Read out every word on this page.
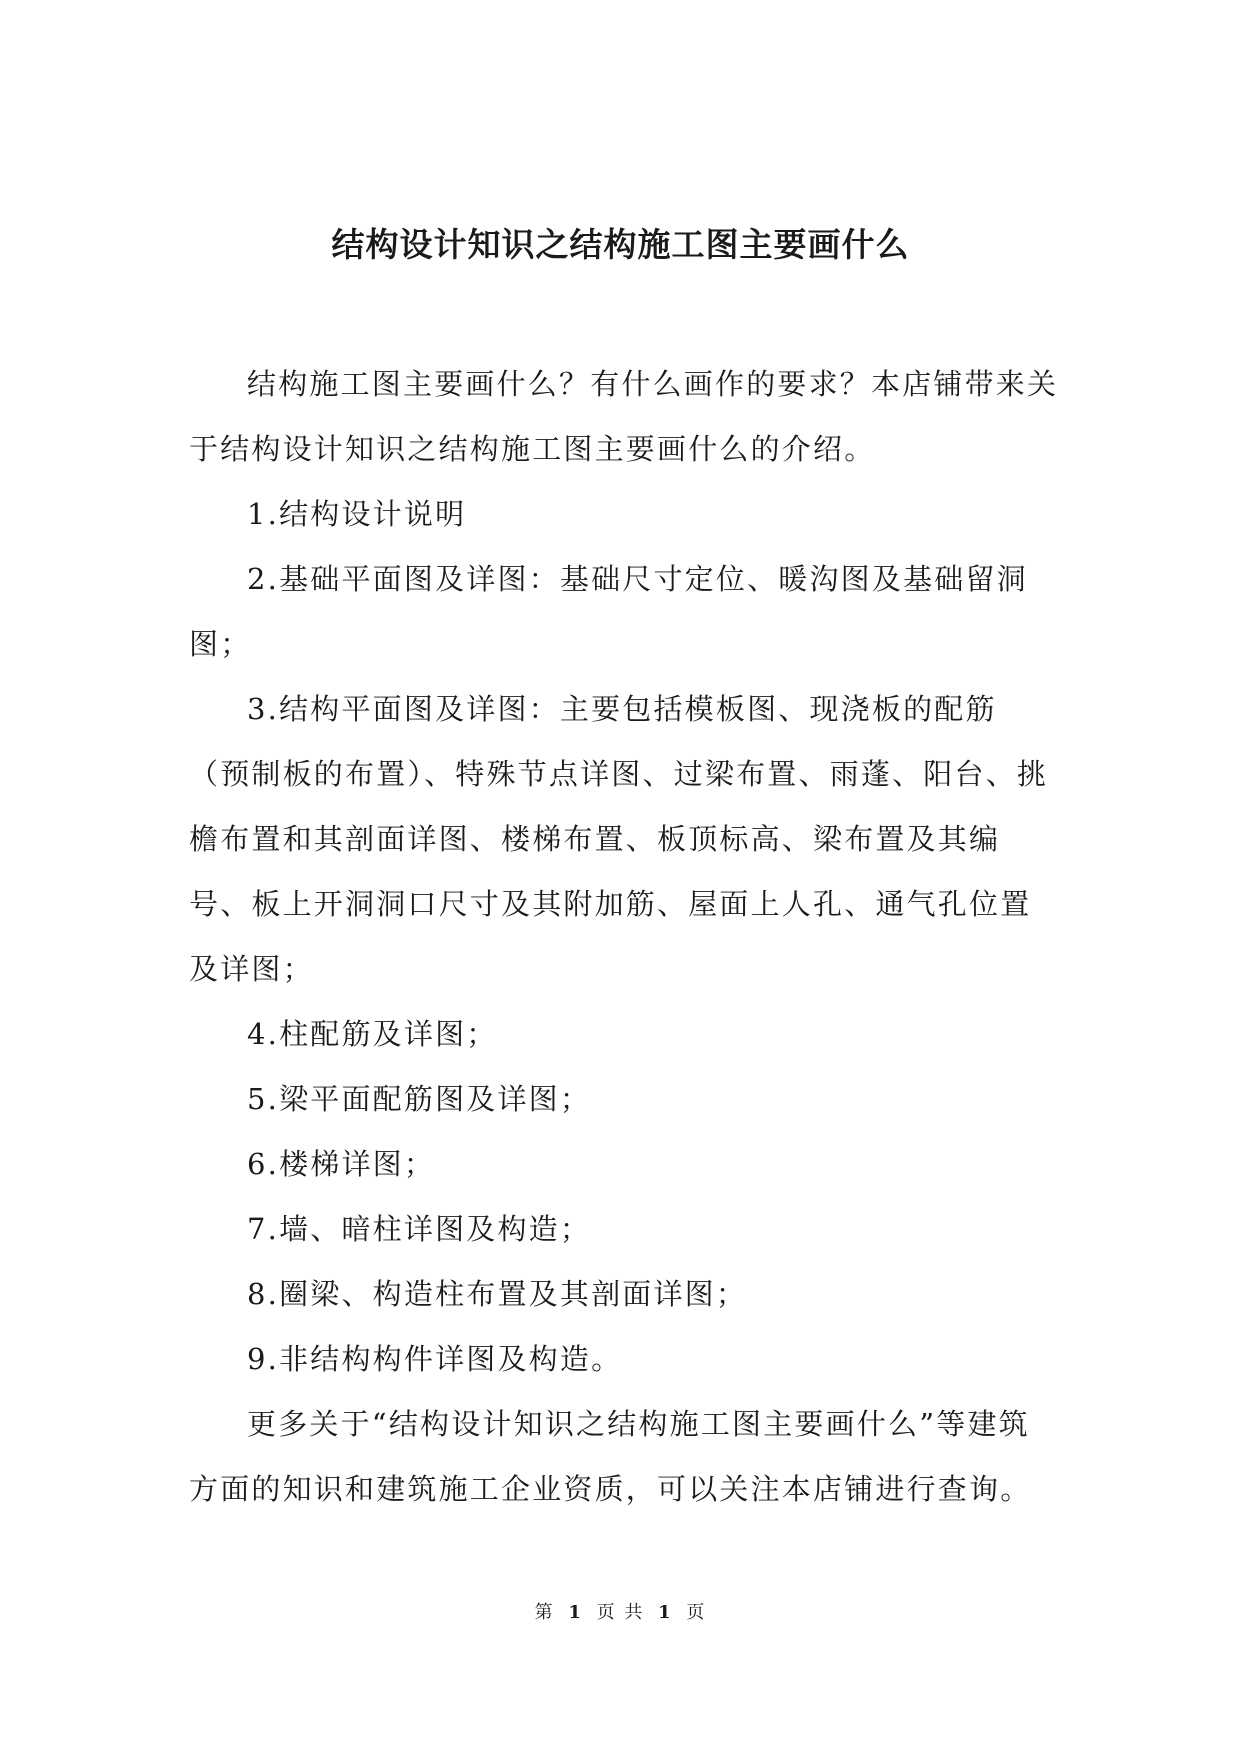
结构设计知识之结构施工图主要画什么

结构施工图主要画什么？有什么画作的要求？本店铺带来关于结构设计知识之结构施工图主要画什么的介绍。

1.结构设计说明

2.基础平面图及详图：基础尺寸定位、暖沟图及基础留洞图；

3.结构平面图及详图：主要包括模板图、现浇板的配筋（预制板的布置）、特殊节点详图、过梁布置、雨蓬、阳台、挑檐布置和其剖面详图、楼梯布置、板顶标高、梁布置及其编号、板上开洞洞口尺寸及其附加筋、屋面上人孔、通气孔位置及详图；

4.柱配筋及详图；

5.梁平面配筋图及详图；

6.楼梯详图；

7.墙、暗柱详图及构造；

8.圈梁、构造柱布置及其剖面详图；

9.非结构构件详图及构造。

更多关于“结构设计知识之结构施工图主要画什么”等建筑方面的知识和建筑施工企业资质，可以关注本店铺进行查询。

第 1 页 共 1 页
